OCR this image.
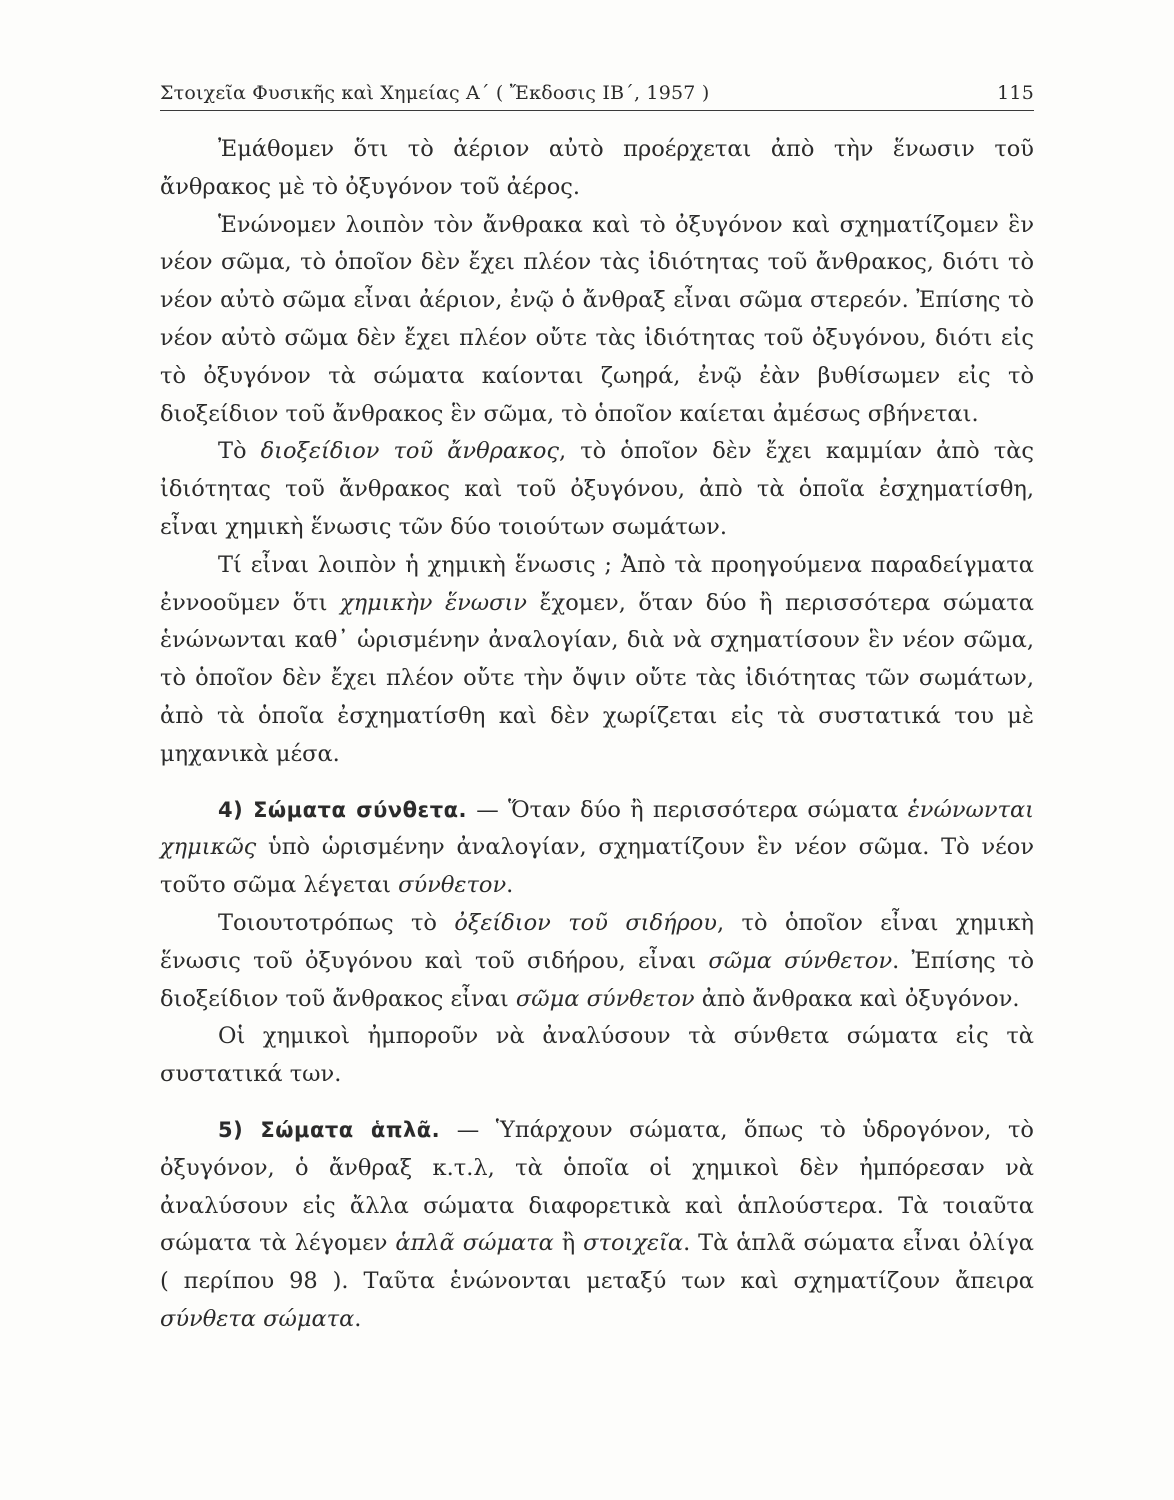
Στοιχεῖα Φυσικῆς καὶ Χημείας Α΄ ( Ἔκδοσις ΙΒ΄, 1957 )	115

Ἐμάθομεν ὅτι τὸ ἀέριον αὐτὸ προέρχεται ἀπὸ τὴν ἕνωσιν τοῦ ἄνθρακος μὲ τὸ ὀξυγόνον τοῦ ἀέρος.

Ἑνώνομεν λοιπὸν τὸν ἄνθρακα καὶ τὸ ὀξυγόνον καὶ σχηματίζομεν ἓν νέον σῶμα, τὸ ὁποῖον δὲν ἔχει πλέον τὰς ἰδιότητας τοῦ ἄνθρακος, διότι τὸ νέον αὐτὸ σῶμα εἶναι ἀέριον, ἐνῷ ὁ ἄνθραξ εἶναι σῶμα στερεόν. Ἐπίσης τὸ νέον αὐτὸ σῶμα δὲν ἔχει πλέον οὔτε τὰς ἰδιότητας τοῦ ὀξυγόνου, διότι εἰς τὸ ὀξυγόνον τὰ σώματα καίονται ζωηρά, ἐνῷ ἐὰν βυθίσωμεν εἰς τὸ διοξείδιον τοῦ ἄνθρακος ἓν σῶμα, τὸ ὁποῖον καίεται ἀμέσως σβήνεται.

Τὸ διοξείδιον τοῦ ἄνθρακος, τὸ ὁποῖον δὲν ἔχει καμμίαν ἀπὸ τὰς ἰδιότητας τοῦ ἄνθρακος καὶ τοῦ ὀξυγόνου, ἀπὸ τὰ ὁποῖα ἐσχηματίσθη, εἶναι χημικὴ ἕνωσις τῶν δύο τοιούτων σωμάτων.

Τί εἶναι λοιπὸν ἡ χημικὴ ἕνωσις ; Ἀπὸ τὰ προηγούμενα παραδείγματα ἐννοοῦμεν ὅτι χημικὴν ἕνωσιν ἔχομεν, ὅταν δύο ἢ περισσότερα σώματα ἑνώνωνται καθ᾽ ὡρισμένην ἀναλογίαν, διὰ νὰ σχηματίσουν ἓν νέον σῶμα, τὸ ὁποῖον δὲν ἔχει πλέον οὔτε τὴν ὄψιν οὔτε τὰς ἰδιότητας τῶν σωμάτων, ἀπὸ τὰ ὁποῖα ἐσχηματίσθη καὶ δὲν χωρίζεται εἰς τὰ συστατικά του μὲ μηχανικὰ μέσα.

4) Σώματα σύνθετα. — Ὅταν δύο ἢ περισσότερα σώματα ἑνώνωνται χημικῶς ὑπὸ ὡρισμένην ἀναλογίαν, σχηματίζουν ἓν νέον σῶμα. Τὸ νέον τοῦτο σῶμα λέγεται σύνθετον.

Τοιουτοτρόπως τὸ ὀξείδιον τοῦ σιδήρου, τὸ ὁποῖον εἶναι χημικὴ ἕνωσις τοῦ ὀξυγόνου καὶ τοῦ σιδήρου, εἶναι σῶμα σύνθετον. Ἐπίσης τὸ διοξείδιον τοῦ ἄνθρακος εἶναι σῶμα σύνθετον ἀπὸ ἄνθρακα καὶ ὀξυγόνον.

Οἱ χημικοὶ ἠμποροῦν νὰ ἀναλύσουν τὰ σύνθετα σώματα εἰς τὰ συστατικά των.

5) Σώματα ἁπλᾶ. — Ὑπάρχουν σώματα, ὅπως τὸ ὑδρογόνον, τὸ ὀξυγόνον, ὁ ἄνθραξ κ.τ.λ, τὰ ὁποῖα οἱ χημικοὶ δὲν ἠμπόρεσαν νὰ ἀναλύσουν εἰς ἄλλα σώματα διαφορετικὰ καὶ ἁπλούστερα. Τὰ τοιαῦτα σώματα τὰ λέγομεν ἁπλᾶ σώματα ἢ στοιχεῖα. Τὰ ἁπλᾶ σώματα εἶναι ὀλίγα ( περίπου 98 ). Ταῦτα ἑνώνονται μεταξύ των καὶ σχηματίζουν ἄπειρα σύνθετα σώματα.
